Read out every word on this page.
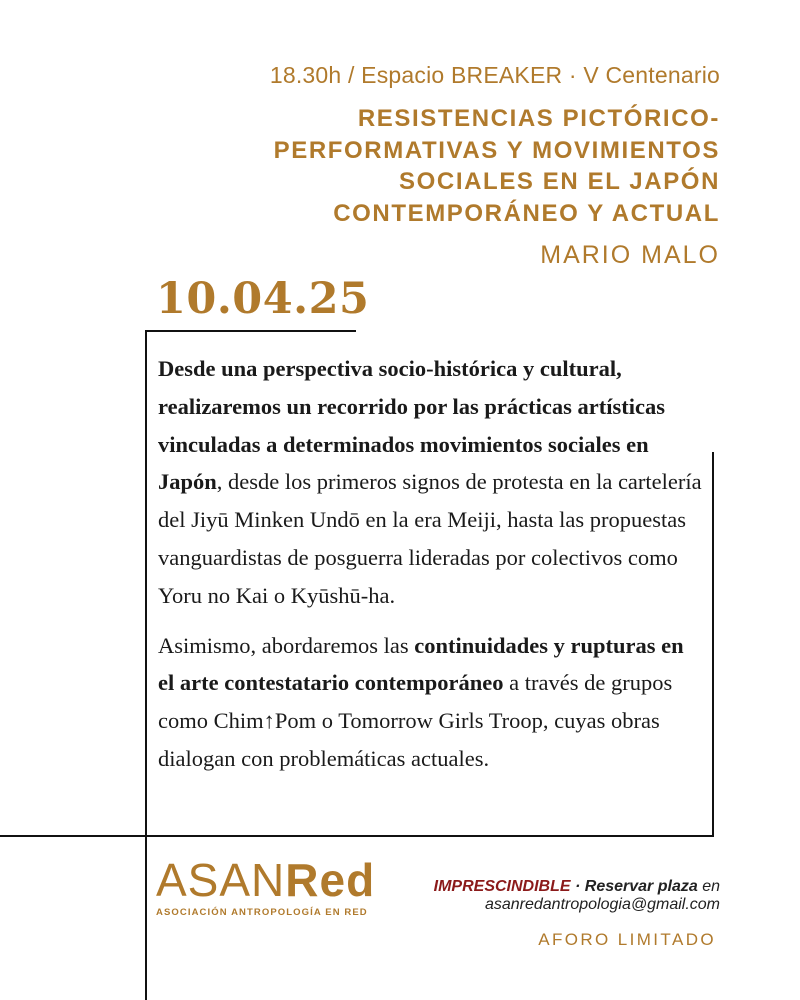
18.30h / Espacio BREAKER · V Centenario
RESISTENCIAS PICTÓRICO-
PERFORMATIVAS Y MOVIMIENTOS
SOCIALES EN EL JAPÓN
CONTEMPORÁNEO Y ACTUAL
MARIO MALO
10.04.25

Desde una perspectiva socio-histórica y cultural, realizaremos un recorrido por las prácticas artísticas vinculadas a determinados movimientos sociales en Japón, desde los primeros signos de protesta en la cartelería del Jiyū Minken Undō en la era Meiji, hasta las propuestas vanguardistas de posguerra lideradas por colectivos como Yoru no Kai o Kyūshū-ha.

Asimismo, abordaremos las continuidades y rupturas en el arte contestatario contemporáneo a través de grupos como Chim↑Pom o Tomorrow Girls Troop, cuyas obras dialogan con problemáticas actuales.

ASANRed
ASOCIACIÓN ANTROPOLOGÍA EN RED
IMPRESCINDIBLE · Reservar plaza en
asanredantropologia@gmail.com
AFORO LIMITADO
